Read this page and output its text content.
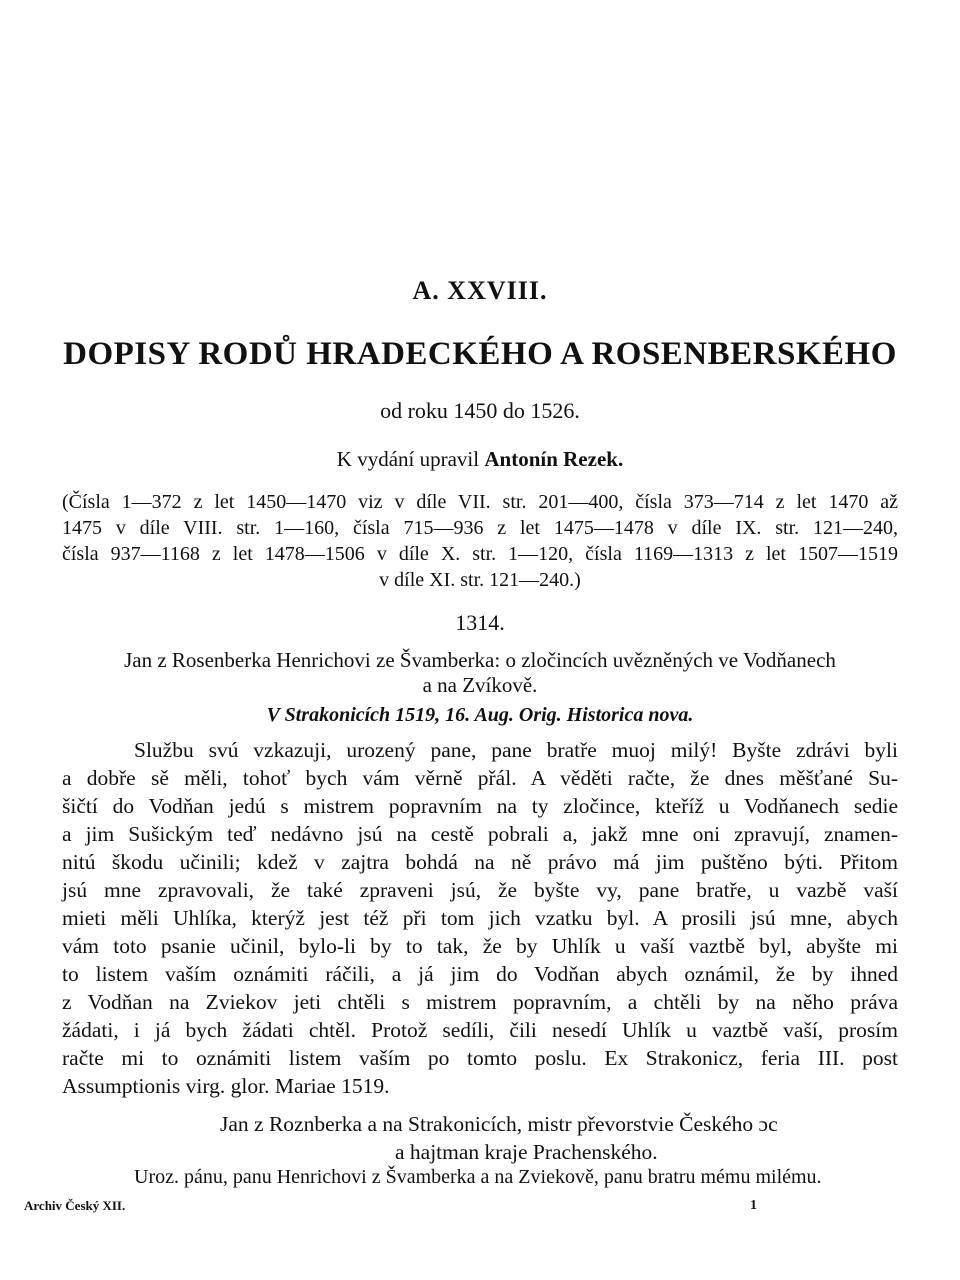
A. XXVIII.
DOPISY RODŮ HRADECKÉHO A ROSENBERSKÉHO
od roku 1450 do 1526.
K vydání upravil Antonín Rezek.
(Čísla 1—372 z let 1450—1470 viz v díle VII. str. 201—400, čísla 373—714 z let 1470 až
1475 v díle VIII. str. 1—160, čísla 715—936 z let 1475—1478 v díle IX. str. 121—240,
čísla 937—1168 z let 1478—1506 v díle X. str. 1—120, čísla 1169—1313 z let 1507—1519
v díle XI. str. 121—240.)
1314.
Jan z Rosenberka Henrichovi ze Švamberka: o zločincích uvězněných ve Vodňanech
a na Zvíkově.
V Strakonicích 1519, 16. Aug. Orig. Historica nova.
Službu svú vzkazuji, urozený pane, pane bratře muoj milý! Byšte zdrávi byli
a dobře sě měli, tohoť bych vám věrně přál. A věděti račte, že dnes měšťané Su-
šičtí do Vodňan jedú s mistrem popravním na ty zločince, kteříž u Vodňanech sedie
a jim Sušickým teď nedávno jsú na cestě pobrali a, jakž mne oni zpravují, znamen-
nitú škodu učinili; kdež v zajtra bohdá na ně právo má jim puštěno býti. Přitom
jsú mne zpravovali, že také zpraveni jsú, že byšte vy, pane bratře, u vazbě vaší
mieti měli Uhlíka, kterýž jest též při tom jich vzatku byl. A prosili jsú mne, abych
vám toto psanie učinil, bylo-li by to tak, že by Uhlík u vaší vaztbě byl, abyšte mi
to listem vaším oznámiti ráčili, a já jim do Vodňan abych oznámil, že by ihned
z Vodňan na Zviekov jeti chtěli s mistrem popravním, a chtěli by na něho práva
žádati, i já bych žádati chtěl. Protož sedíli, čili nesedí Uhlík u vaztbě vaší, prosím
račte mi to oznámiti listem vaším po tomto poslu. Ex Strakonicz, feria III. post
Assumptionis virg. glor. Mariae 1519.
Jan z Roznberka a na Strakonicích, mistr převorstvie Českého ɔc
a hajtman kraje Prachenského.
Uroz. pánu, panu Henrichovi z Švamberka a na Zviekově, panu bratru mému milému.
Archiv Český XII.	1
